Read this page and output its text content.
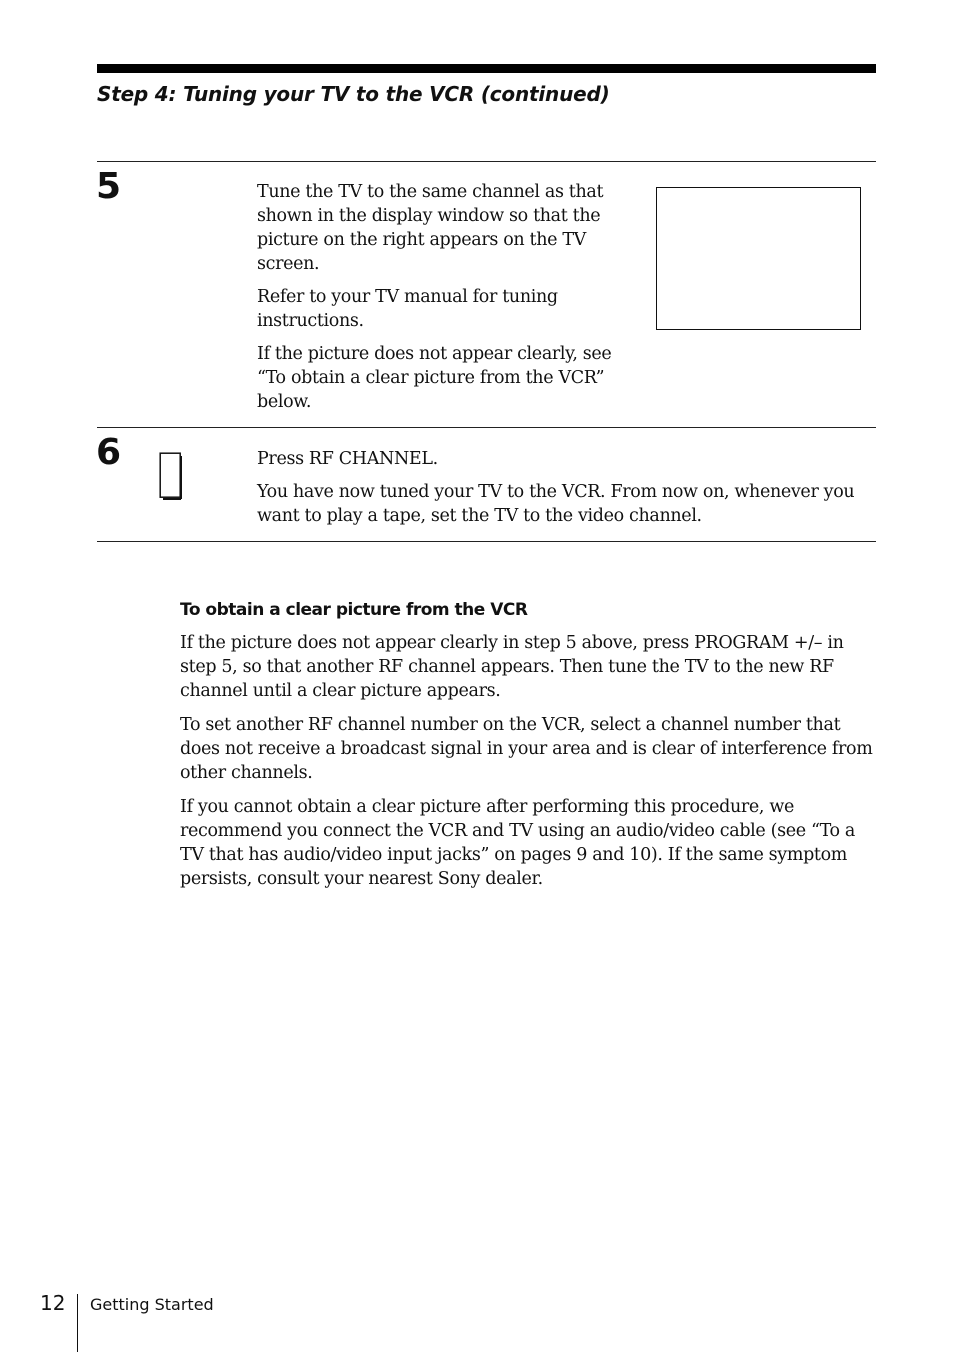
Step 4: Tuning your TV to the VCR (continued)
5	Tune the TV to the same channel as that shown in the display window so that the picture on the right appears on the TV screen.

Refer to your TV manual for tuning instructions.

If the picture does not appear clearly, see “To obtain a clear picture from the VCR” below.

6	Press RF CHANNEL.

You have now tuned your TV to the VCR. From now on, whenever you want to play a tape, set the TV to the video channel.

To obtain a clear picture from the VCR

If the picture does not appear clearly in step 5 above, press PROGRAM +/– in step 5, so that another RF channel appears. Then tune the TV to the new RF channel until a clear picture appears.

To set another RF channel number on the VCR, select a channel number that does not receive a broadcast signal in your area and is clear of interference from other channels.

If you cannot obtain a clear picture after performing this procedure, we recommend you connect the VCR and TV using an audio/video cable (see “To a TV that has audio/video input jacks” on pages 9 and 10). If the same symptom persists, consult your nearest Sony dealer.

12 Getting Started
